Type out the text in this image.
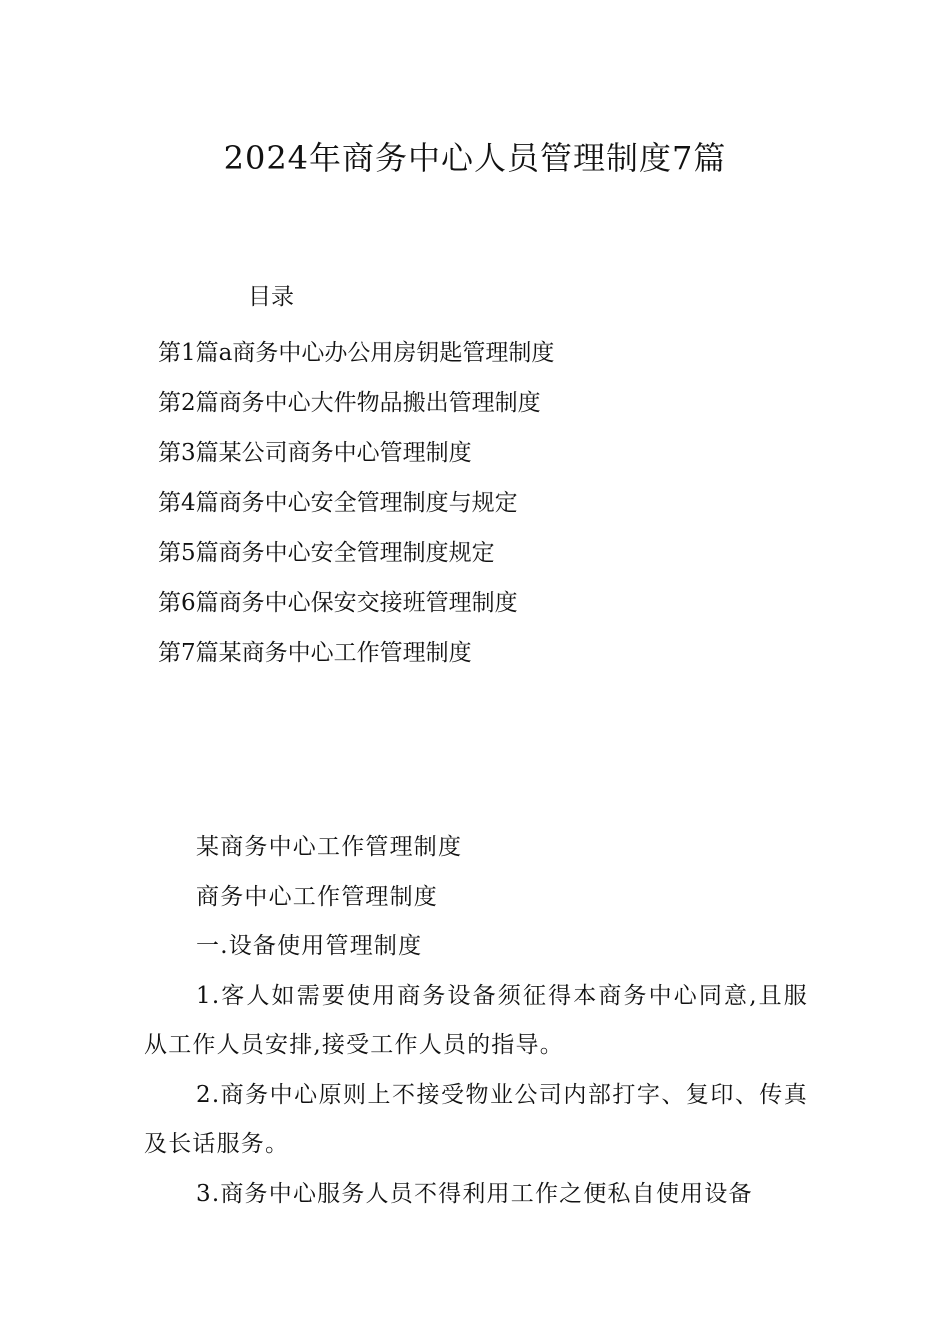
2024年商务中心人员管理制度7篇
目录
第1篇a商务中心办公用房钥匙管理制度
第2篇商务中心大件物品搬出管理制度
第3篇某公司商务中心管理制度
第4篇商务中心安全管理制度与规定
第5篇商务中心安全管理制度规定
第6篇商务中心保安交接班管理制度
第7篇某商务中心工作管理制度

某商务中心工作管理制度

商务中心工作管理制度

一.设备使用管理制度

1.客人如需要使用商务设备须征得本商务中心同意,且服从工作人员安排,接受工作人员的指导。

2.商务中心原则上不接受物业公司内部打字、复印、传真及长话服务。

3.商务中心服务人员不得利用工作之便私自使用设备
